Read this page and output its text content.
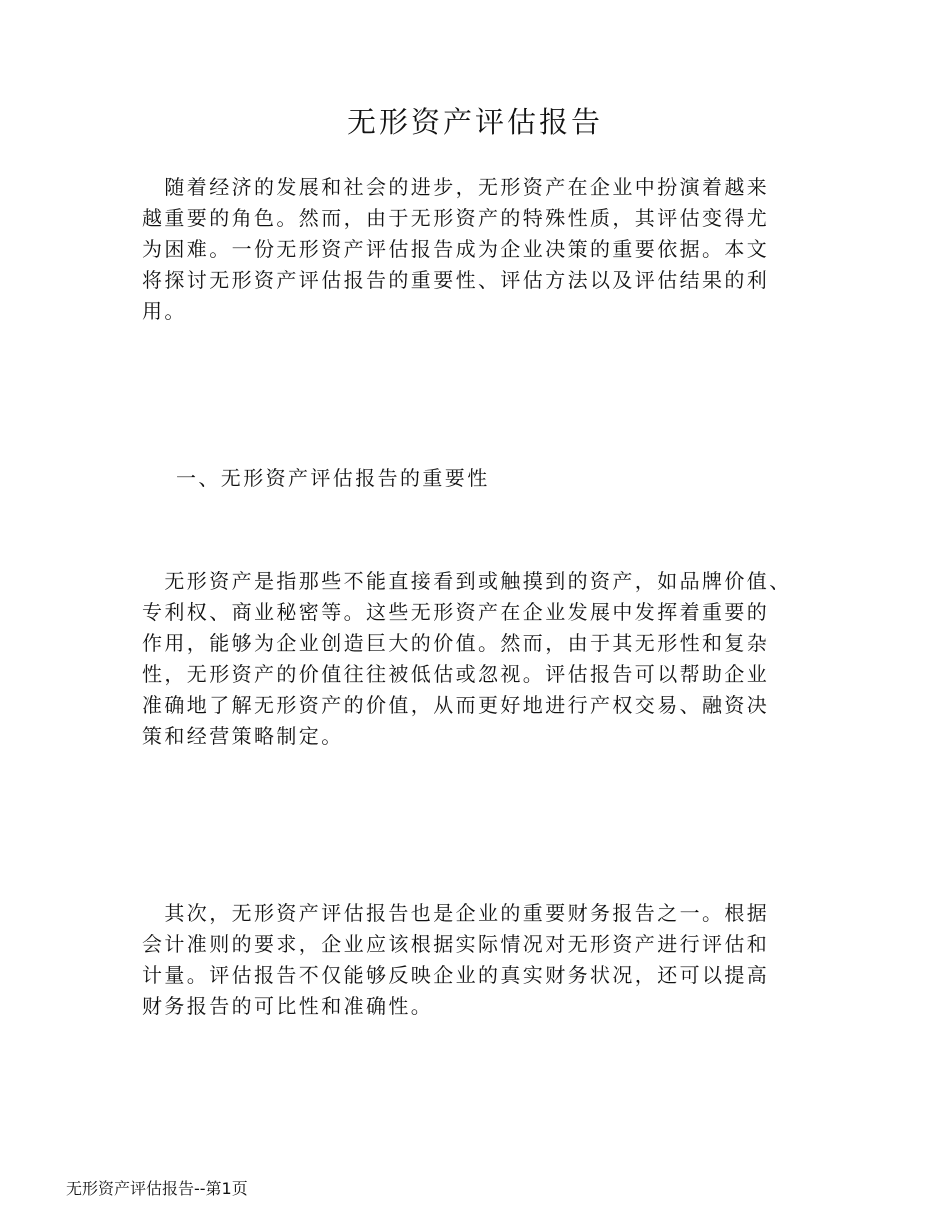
无形资产评估报告
　随着经济的发展和社会的进步，无形资产在企业中扮演着越来
越重要的角色。然而，由于无形资产的特殊性质，其评估变得尤
为困难。一份无形资产评估报告成为企业决策的重要依据。本文
将探讨无形资产评估报告的重要性、评估方法以及评估结果的利
用。
一、无形资产评估报告的重要性
　无形资产是指那些不能直接看到或触摸到的资产，如品牌价值、
专利权、商业秘密等。这些无形资产在企业发展中发挥着重要的
作用，能够为企业创造巨大的价值。然而，由于其无形性和复杂
性，无形资产的价值往往被低估或忽视。评估报告可以帮助企业
准确地了解无形资产的价值，从而更好地进行产权交易、融资决
策和经营策略制定。
　其次，无形资产评估报告也是企业的重要财务报告之一。根据
会计准则的要求，企业应该根据实际情况对无形资产进行评估和
计量。评估报告不仅能够反映企业的真实财务状况，还可以提高
财务报告的可比性和准确性。
无形资产评估报告--第1页
